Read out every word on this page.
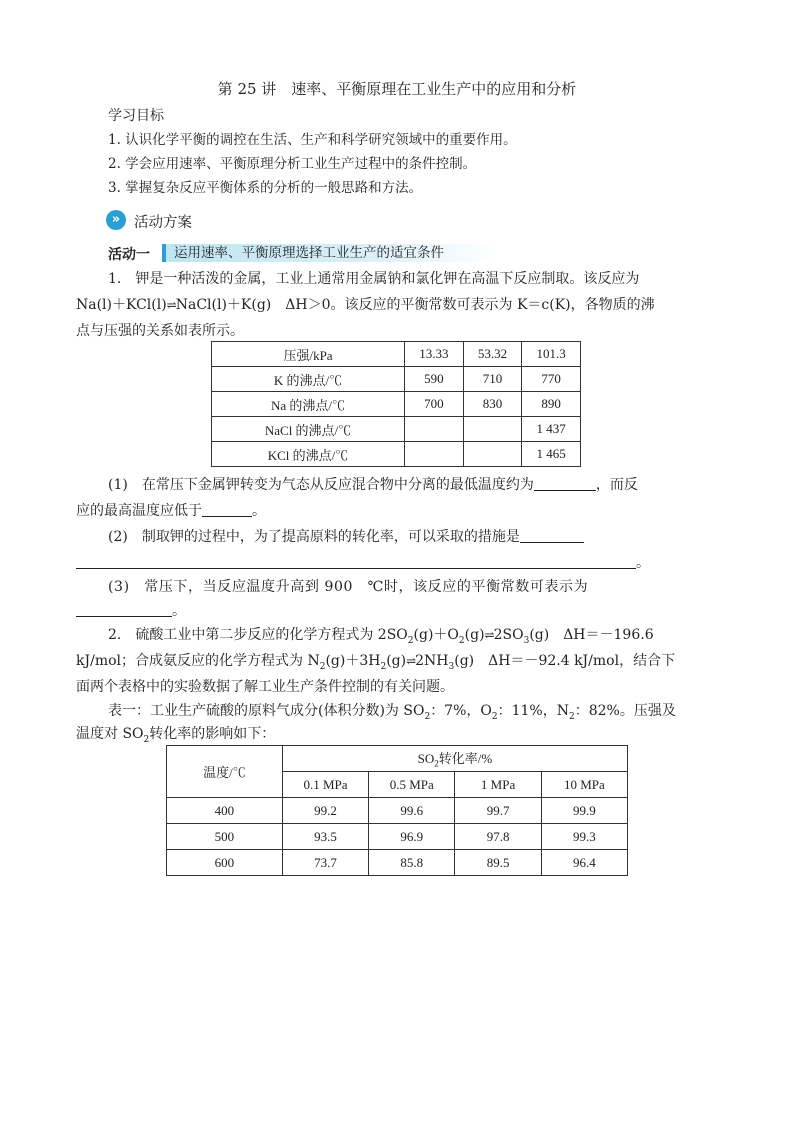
第 25 讲　速率、平衡原理在工业生产中的应用和分析
学习目标
1. 认识化学平衡的调控在生活、生产和科学研究领域中的重要作用。
2. 学会应用速率、平衡原理分析工业生产过程中的条件控制。
3. 掌握复杂反应平衡体系的分析的一般思路和方法。
» 活动方案
活动一 运用速率、平衡原理选择工业生产的适宜条件
1.　钾是一种活泼的金属，工业上通常用金属钠和氯化钾在高温下反应制取。该反应为
Na(l)＋KCl(l)⇌NaCl(l)＋K(g)　ΔH＞0。该反应的平衡常数可表示为 K＝c(K)，各物质的沸
点与压强的关系如表所示。
压强/kPa	13.33	53.32	101.3
K 的沸点/℃	590	710	770
Na 的沸点/℃	700	830	890
NaCl 的沸点/℃			1 437
KCl 的沸点/℃			1 465
(1)　在常压下金属钾转变为气态从反应混合物中分离的最低温度约为	，而反
应的最高温度应低于	。
(2)　制取钾的过程中，为了提高原料的转化率，可以采取的措施是
。
(3)　常压下，当反应温度升高到 900　℃时，该反应的平衡常数可表示为
。
2.　硫酸工业中第二步反应的化学方程式为 $2SO_2(g)+O_2(g)\rightleftharpoons 2SO_3(g)$　ΔH＝－196.6
kJ/mol；合成氨反应的化学方程式为 $N_2(g)+3H_2(g)\rightleftharpoons 2NH_3(g)$　ΔH＝－92.4 kJ/mol，结合下
面两个表格中的实验数据了解工业生产条件控制的有关问题。
表一：工业生产硫酸的原料气成分(体积分数)为 $SO_2$：7%，$O_2$：11%，$N_2$：82%。压强及
温度对 $SO_2$转化率的影响如下：
温度/℃	$SO_2$转化率/%			
	0.1 MPa	0.5 MPa	1 MPa	10 MPa
400	99.2	99.6	99.7	99.9
500	93.5	96.9	97.8	99.3
600	73.7	85.8	89.5	96.4
